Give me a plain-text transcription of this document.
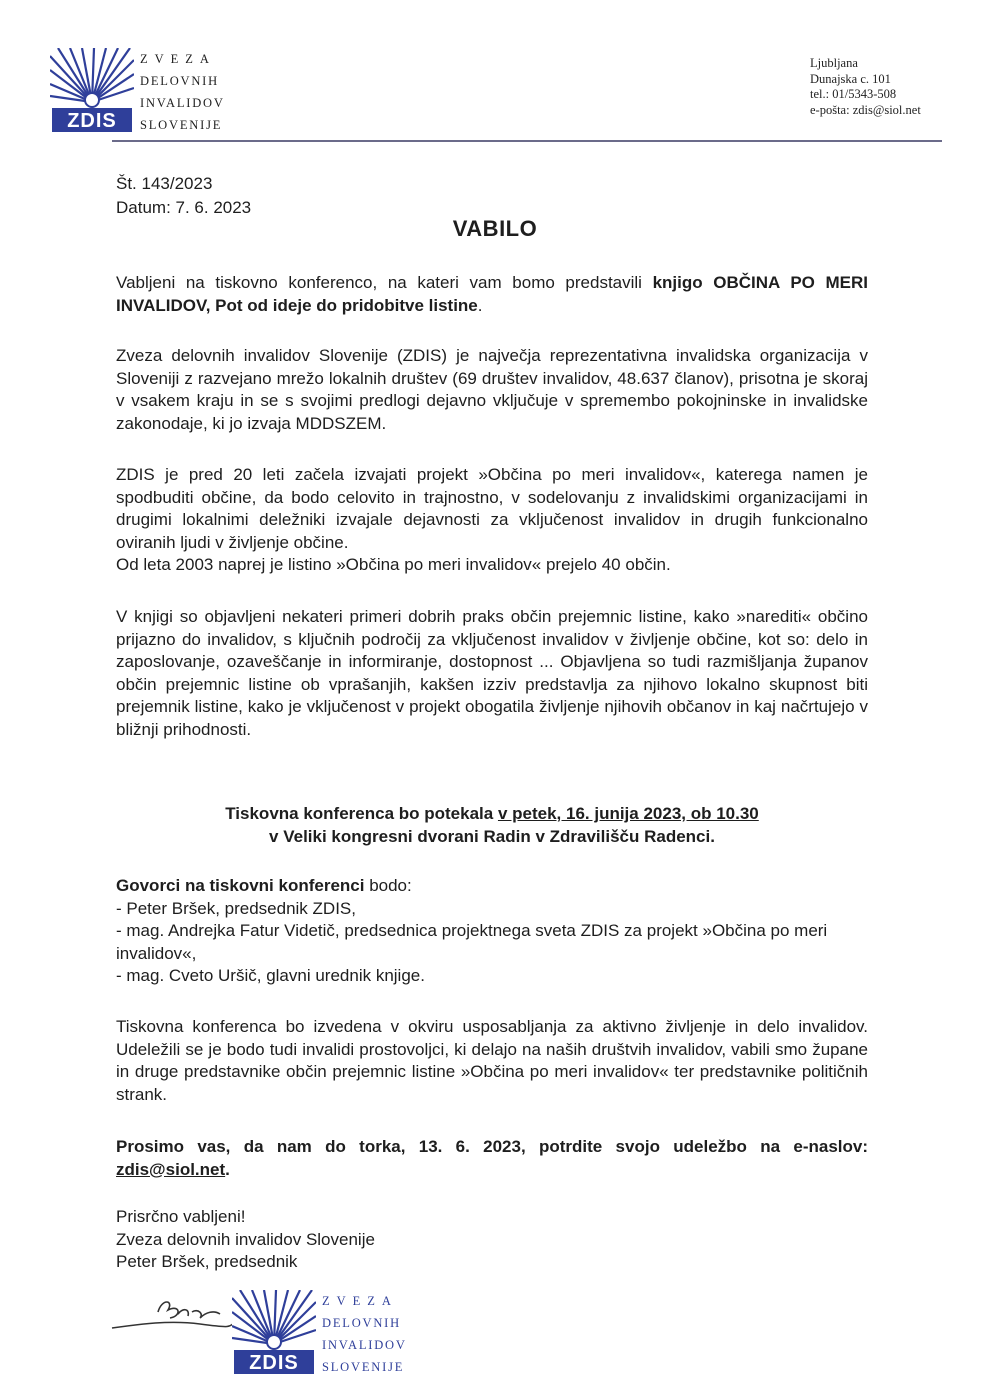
ZDIS
ZVEZA
DELOVNIH
INVALIDOV
SLOVENIJE
Ljubljana
Dunajska c. 101
tel.: 01/5343-508
e-pošta: zdis@siol.net
Št. 143/2023
Datum: 7. 6. 2023
VABILO
Vabljeni na tiskovno konferenco, na kateri vam bomo predstavili knjigo OBČINA PO MERI INVALIDOV, Pot od ideje do pridobitve listine.
Zveza delovnih invalidov Slovenije (ZDIS) je največja reprezentativna invalidska organizacija v Sloveniji z razvejano mrežo lokalnih društev (69 društev invalidov, 48.637 članov), prisotna je skoraj v vsakem kraju in se s svojimi predlogi dejavno vključuje v spremembo pokojninske in invalidske zakonodaje, ki jo izvaja MDDSZEM.
ZDIS je pred 20 leti začela izvajati projekt »Občina po meri invalidov«, katerega namen je spodbuditi občine, da bodo celovito in trajnostno, v sodelovanju z invalidskimi organizacijami in drugimi lokalnimi deležniki izvajale dejavnosti za vključenost invalidov in drugih funkcionalno oviranih ljudi v življenje občine.
Od leta 2003 naprej je listino »Občina po meri invalidov« prejelo 40 občin.
V knjigi so objavljeni nekateri primeri dobrih praks občin prejemnic listine, kako »narediti« občino prijazno do invalidov, s ključnih področij za vključenost invalidov v življenje občine, kot so: delo in zaposlovanje, ozaveščanje in informiranje, dostopnost ... Objavljena so tudi razmišljanja županov občin prejemnic listine ob vprašanjih, kakšen izziv predstavlja za njihovo lokalno skupnost biti prejemnik listine, kako je vključenost v projekt obogatila življenje njihovih občanov in kaj načrtujejo v bližnji prihodnosti.
Tiskovna konferenca bo potekala v petek, 16. junija 2023, ob 10.30
v Veliki kongresni dvorani Radin v Zdravilišču Radenci.
Govorci na tiskovni konferenci bodo:
- Peter Bršek, predsednik ZDIS,
- mag. Andrejka Fatur Videtič, predsednica projektnega sveta ZDIS za projekt »Občina po meri invalidov«,
- mag. Cveto Uršič, glavni urednik knjige.
Tiskovna konferenca bo izvedena v okviru usposabljanja za aktivno življenje in delo invalidov. Udeležili se je bodo tudi invalidi prostovoljci, ki delajo na naših društvih invalidov, vabili smo župane in druge predstavnike občin prejemnic listine »Občina po meri invalidov« ter predstavnike političnih strank.
Prosimo vas, da nam do torka, 13. 6. 2023, potrdite svojo udeležbo na e-naslov: zdis@siol.net.
Prisrčno vabljeni!
Zveza delovnih invalidov Slovenije
Peter Bršek, predsednik
ZDIS
ZVEZA
DELOVNIH
INVALIDOV
SLOVENIJE
